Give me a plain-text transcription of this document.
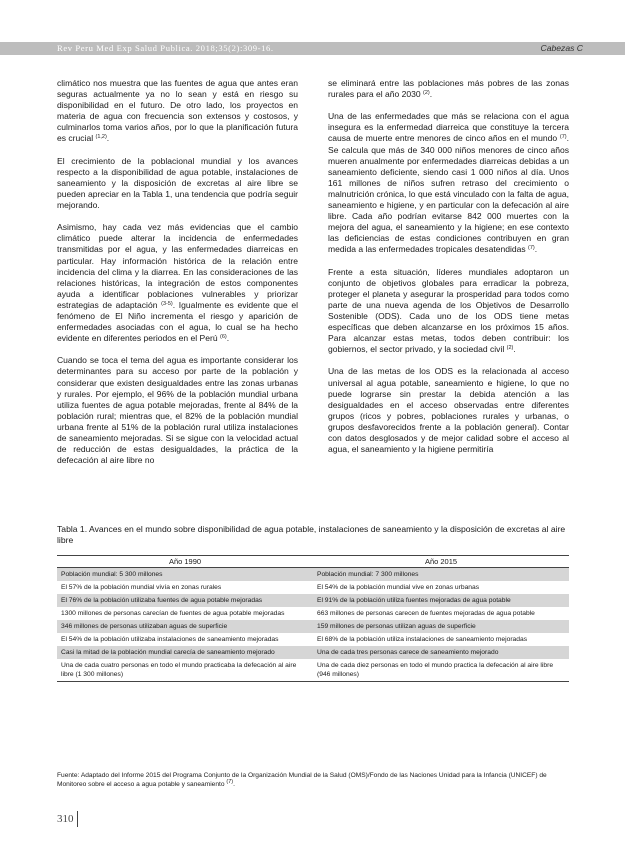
Rev Peru Med Exp Salud Publica. 2018;35(2):309-16.	Cabezas C

climático nos muestra que las fuentes de agua que antes eran seguras actualmente ya no lo sean y está en riesgo su disponibilidad en el futuro. De otro lado, los proyectos en materia de agua con frecuencia son extensos y costosos, y culminarlos toma varios años, por lo que la planificación futura es crucial $^{(1,2)}$.

El crecimiento de la poblacional mundial y los avances respecto a la disponibilidad de agua potable, instalaciones de saneamiento y la disposición de excretas al aire libre se pueden apreciar en la Tabla 1, una tendencia que podría seguir mejorando.

Asimismo, hay cada vez más evidencias que el cambio climático puede alterar la incidencia de enfermedades transmitidas por el agua, y las enfermedades diarreicas en particular. Hay información histórica de la relación entre incidencia del clima y la diarrea. En las consideraciones de las relaciones históricas, la integración de estos componentes ayuda a identificar poblaciones vulnerables y priorizar estrategias de adaptación $^{(3-5)}$. Igualmente es evidente que el fenómeno de El Niño incrementa el riesgo y aparición de enfermedades asociadas con el agua, lo cual se ha hecho evidente en diferentes periodos en el Perú $^{(6)}$.

Cuando se toca el tema del agua es importante considerar los determinantes para su acceso por parte de la población y considerar que existen desigualdades entre las zonas urbanas y rurales. Por ejemplo, el 96% de la población mundial urbana utiliza fuentes de agua potable mejoradas, frente al 84% de la población rural; mientras que, el 82% de la población mundial urbana frente al 51% de la población rural utiliza instalaciones de saneamiento mejoradas. Si se sigue con la velocidad actual de reducción de estas desigualdades, la práctica de la defecación al aire libre no

se eliminará entre las poblaciones más pobres de las zonas rurales para el año 2030 $^{(2)}$.

Una de las enfermedades que más se relaciona con el agua insegura es la enfermedad diarreica que constituye la tercera causa de muerte entre menores de cinco años en el mundo $^{(7)}$. Se calcula que más de 340 000 niños menores de cinco años mueren anualmente por enfermedades diarreicas debidas a un saneamiento deficiente, siendo casi 1 000 niños al día. Unos 161 millones de niños sufren retraso del crecimiento o malnutrición crónica, lo que está vinculado con la falta de agua, saneamiento e higiene, y en particular con la defecación al aire libre. Cada año podrían evitarse 842 000 muertes con la mejora del agua, el saneamiento y la higiene; en ese contexto las deficiencias de estas condiciones contribuyen en gran medida a las enfermedades tropicales desatendidas $^{(7)}$.

Frente a esta situación, líderes mundiales adoptaron un conjunto de objetivos globales para erradicar la pobreza, proteger el planeta y asegurar la prosperidad para todos como parte de una nueva agenda de los Objetivos de Desarrollo Sostenible (ODS). Cada uno de los ODS tiene metas específicas que deben alcanzarse en los próximos 15 años. Para alcanzar estas metas, todos deben contribuir: los gobiernos, el sector privado, y la sociedad civil $^{(2)}$.

Una de las metas de los ODS es la relacionada al acceso universal al agua potable, saneamiento e higiene, lo que no puede lograrse sin prestar la debida atención a las desigualdades en el acceso observadas entre diferentes grupos (ricos y pobres, poblaciones rurales y urbanas, o grupos desfavorecidos frente a la población general). Contar con datos desglosados y de mejor calidad sobre el acceso al agua, el saneamiento y la higiene permitiría

Tabla 1. Avances en el mundo sobre disponibilidad de agua potable, instalaciones de saneamiento y la disposición de excretas al aire libre
Año 1990	Año 2015
Población mundial: 5 300 millones	Población mundial: 7 300 millones
El 57% de la población mundial vivía en zonas rurales	El 54% de la población mundial vive en zonas urbanas
El 76% de la población utilizaba fuentes de agua potable mejoradas	El 91% de la población utiliza fuentes mejoradas de agua potable
1300 millones de personas carecían de fuentes de agua potable mejoradas	663 millones de personas carecen de fuentes mejoradas de agua potable
346 millones de personas utilizaban aguas de superficie	159 millones de personas utilizan aguas de superficie
El 54% de la población utilizaba instalaciones de saneamiento mejoradas	El 68% de la población utiliza instalaciones de saneamiento mejoradas
Casi la mitad de la población mundial carecía de saneamiento mejorado	Una de cada tres personas carece de saneamiento mejorado
Una de cada cuatro personas en todo el mundo practicaba la defecación al aire libre (1 300 millones)	Una de cada diez personas en todo el mundo practica la defecación al aire libre (946 millones)
Fuente: Adaptado del Informe 2015 del Programa Conjunto de la Organización Mundial de la Salud (OMS)/Fondo de las Naciones Unidad para la Infancia (UNICEF) de Monitoreo sobre el acceso a agua potable y saneamiento $^{(7)}$.
310
